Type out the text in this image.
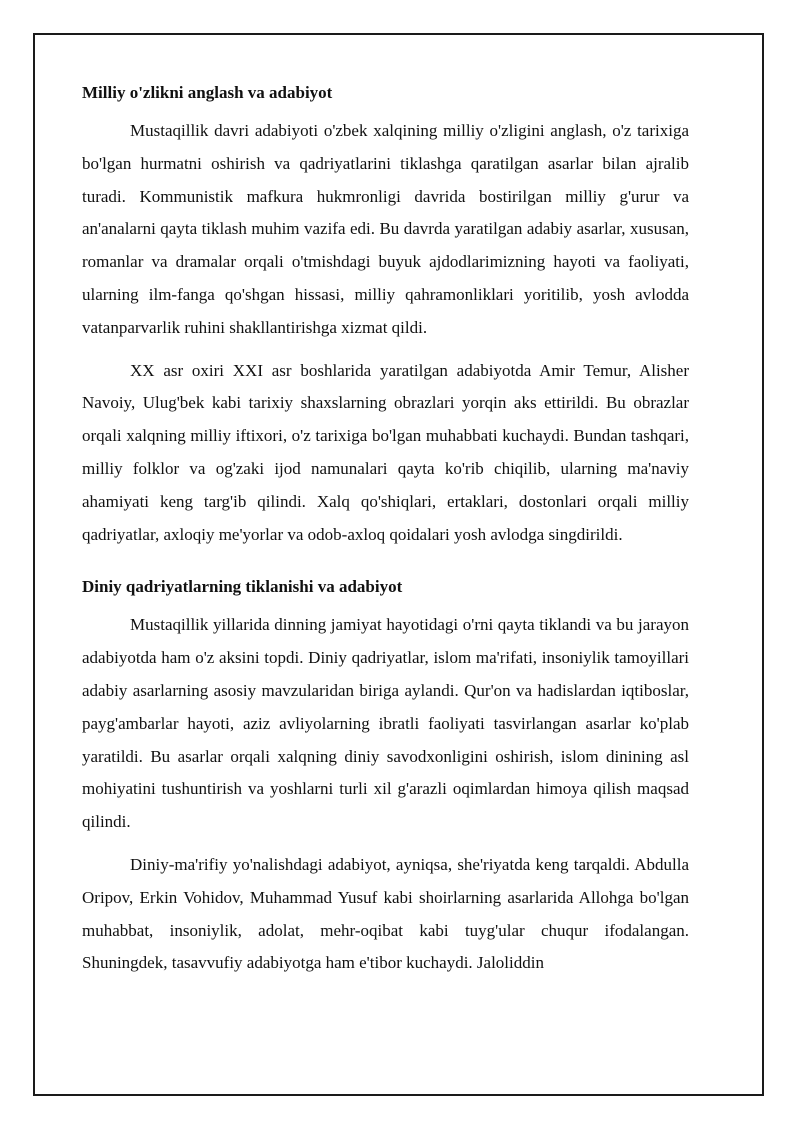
Milliy o'zlikni anglash va adabiyot

Mustaqillik davri adabiyoti o'zbek xalqining milliy o'zligini anglash, o'z tarixiga bo'lgan hurmatni oshirish va qadriyatlarini tiklashga qaratilgan asarlar bilan ajralib turadi. Kommunistik mafkura hukmronligi davrida bostirilgan milliy g'urur va an'analarni qayta tiklash muhim vazifa edi. Bu davrda yaratilgan adabiy asarlar, xususan, romanlar va dramalar orqali o'tmishdagi buyuk ajdodlarimizning hayoti va faoliyati, ularning ilm-fanga qo'shgan hissasi, milliy qahramonliklari yoritilib, yosh avlodda vatanparvarlik ruhini shakllantirishga xizmat qildi.

XX asr oxiri XXI asr boshlarida yaratilgan adabiyotda Amir Temur, Alisher Navoiy, Ulug'bek kabi tarixiy shaxslarning obrazlari yorqin aks ettirildi. Bu obrazlar orqali xalqning milliy iftixori, o'z tarixiga bo'lgan muhabbati kuchaydi. Bundan tashqari, milliy folklor va og'zaki ijod namunalari qayta ko'rib chiqilib, ularning ma'naviy ahamiyati keng targ'ib qilindi. Xalq qo'shiqlari, ertaklari, dostonlari orqali milliy qadriyatlar, axloqiy me'yorlar va odob-axloq qoidalari yosh avlodga singdirildi.

Diniy qadriyatlarning tiklanishi va adabiyot

Mustaqillik yillarida dinning jamiyat hayotidagi o'rni qayta tiklandi va bu jarayon adabiyotda ham o'z aksini topdi. Diniy qadriyatlar, islom ma'rifati, insoniylik tamoyillari adabiy asarlarning asosiy mavzularidan biriga aylandi. Qur'on va hadislardan iqtiboslar, payg'ambarlar hayoti, aziz avliyolarning ibratli faoliyati tasvirlangan asarlar ko'plab yaratildi. Bu asarlar orqali xalqning diniy savodxonligini oshirish, islom dinining asl mohiyatini tushuntirish va yoshlarni turli xil g'arazli oqimlardan himoya qilish maqsad qilindi.

Diniy-ma'rifiy yo'nalishdagi adabiyot, ayniqsa, she'riyatda keng tarqaldi. Abdulla Oripov, Erkin Vohidov, Muhammad Yusuf kabi shoirlarning asarlarida Allohga bo'lgan muhabbat, insoniylik, adolat, mehr-oqibat kabi tuyg'ular chuqur ifodalangan. Shuningdek, tasavvufiy adabiyotga ham e'tibor kuchaydi. Jaloliddin
